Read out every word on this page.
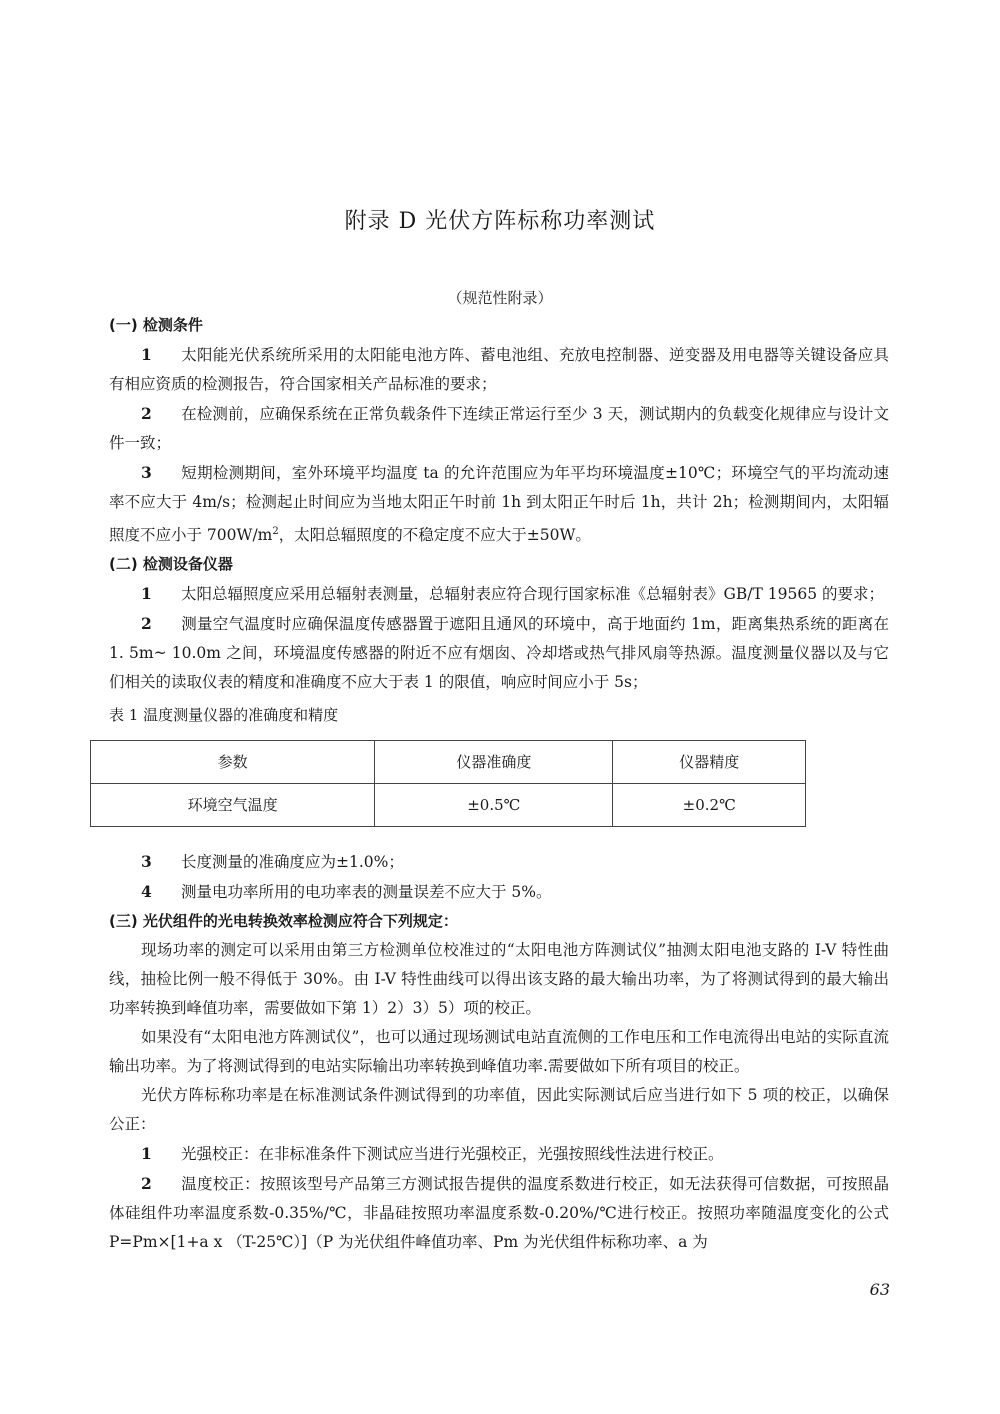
附录 D 光伏方阵标称功率测试
（规范性附录）

(一) 检测条件

1 太阳能光伏系统所采用的太阳能电池方阵、蓄电池组、充放电控制器、逆变器及用电器等关键设备应具有相应资质的检测报告，符合国家相关产品标准的要求；

2 在检测前，应确保系统在正常负载条件下连续正常运行至少 3 天，测试期内的负载变化规律应与设计文件一致；

3 短期检测期间，室外环境平均温度 ta 的允许范围应为年平均环境温度±10℃；环境空气的平均流动速率不应大于 4m/s；检测起止时间应为当地太阳正午时前 1h 到太阳正午时后 1h，共计 2h；检测期间内，太阳辐照度不应小于 $700W/m^2$，太阳总辐照度的不稳定度不应大于±50W。

(二) 检测设备仪器

1 太阳总辐照度应采用总辐射表测量，总辐射表应符合现行国家标准《总辐射表》GB/T 19565 的要求；

2 测量空气温度时应确保温度传感器置于遮阳且通风的环境中，高于地面约 1m，距离集热系统的距离在 1. 5m~ 10.0m 之间，环境温度传感器的附近不应有烟囱、冷却塔或热气排风扇等热源。温度测量仪器以及与它们相关的读取仪表的精度和准确度不应大于表 1 的限值，响应时间应小于 5s；

表 1 温度测量仪器的准确度和精度

参数	仪器准确度	仪器精度
环境空气温度	±0.5℃	±0.2℃

3 长度测量的准确度应为±1.0%；

4 测量电功率所用的电功率表的测量误差不应大于 5%。

(三) 光伏组件的光电转换效率检测应符合下列规定：

现场功率的测定可以采用由第三方检测单位校准过的“太阳电池方阵测试仪”抽测太阳电池支路的 I-V 特性曲线，抽检比例一般不得低于 30%。由 I-V 特性曲线可以得出该支路的最大输出功率，为了将测试得到的最大输出功率转换到峰值功率，需要做如下第 1）2）3）5）项的校正。

如果没有“太阳电池方阵测试仪”，也可以通过现场测试电站直流侧的工作电压和工作电流得出电站的实际直流输出功率。为了将测试得到的电站实际输出功率转换到峰值功率.需要做如下所有项目的校正。

光伏方阵标称功率是在标准测试条件测试得到的功率值，因此实际测试后应当进行如下 5 项的校正，以确保公正：

1 光强校正：在非标准条件下测试应当进行光强校正，光强按照线性法进行校正。

2 温度校正：按照该型号产品第三方测试报告提供的温度系数进行校正，如无法获得可信数据，可按照晶体硅组件功率温度系数-0.35%/℃，非晶硅按照功率温度系数-0.20%/℃进行校正。按照功率随温度变化的公式 P=Pm×[1+a x （T-25℃）]（P 为光伏组件峰值功率、Pm 为光伏组件标称功率、a 为

63
